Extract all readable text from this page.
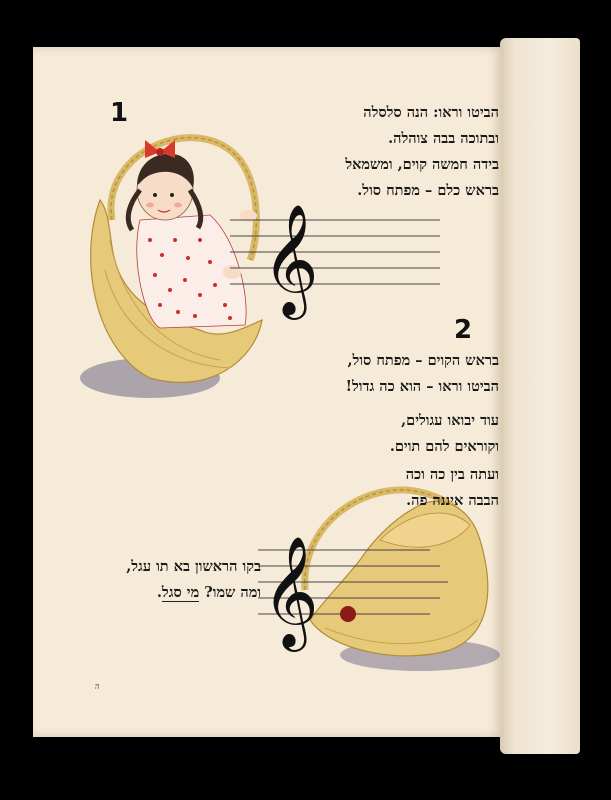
𝄞
𝄞
1
2
הביטו וראו: הנה סלסלה
ובתוכה בבה צוהלה.
בידה חמשה קוים, ומשמאל
בראש כלם – מפתח סול.
בראש הקוים – מפתח סול,
הביטו וראו – הוא כה גדול!
עוד יבואו עגולים,
וקוראים להם תוים.
ועתה בין כה וכה
הבבה איננה פה.
בקו הראשון בא תו עגל,
ומה שמו? מי סגל.
ה
